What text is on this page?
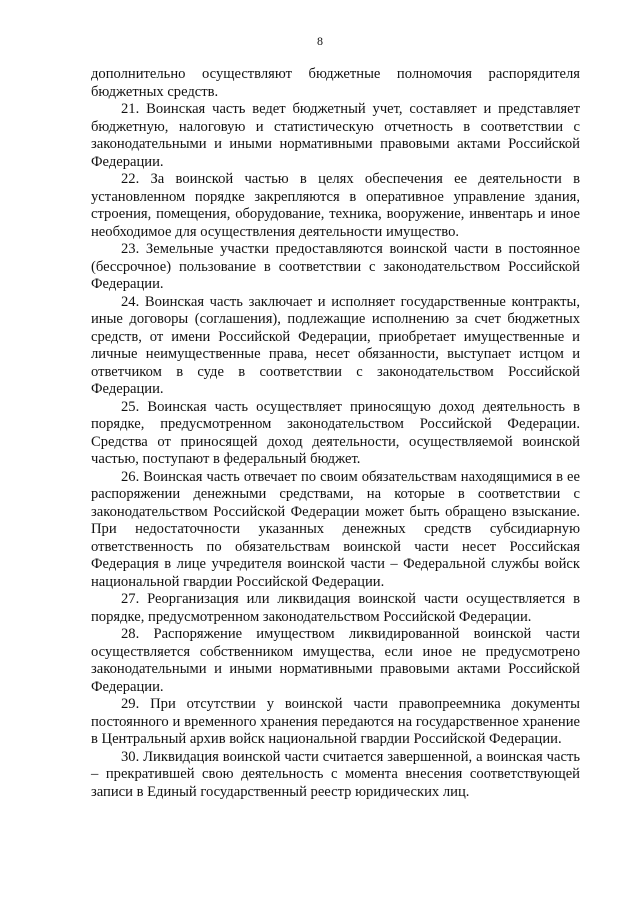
8

дополнительно осуществляют бюджетные полномочия распорядителя бюджетных средств.

21. Воинская часть ведет бюджетный учет, составляет и представляет бюджетную, налоговую и статистическую отчетность в соответствии с законодательными и иными нормативными правовыми актами Российской Федерации.

22. За воинской частью в целях обеспечения ее деятельности в установленном порядке закрепляются в оперативное управление здания, строения, помещения, оборудование, техника, вооружение, инвентарь и иное необходимое для осуществления деятельности имущество.

23. Земельные участки предоставляются воинской части в постоянное (бессрочное) пользование в соответствии с законодательством Российской Федерации.

24. Воинская часть заключает и исполняет государственные контракты, иные договоры (соглашения), подлежащие исполнению за счет бюджетных средств, от имени Российской Федерации, приобретает имущественные и личные неимущественные права, несет обязанности, выступает истцом и ответчиком в суде в соответствии с законодательством Российской Федерации.

25. Воинская часть осуществляет приносящую доход деятельность в порядке, предусмотренном законодательством Российской Федерации. Средства от приносящей доход деятельности, осуществляемой воинской частью, поступают в федеральный бюджет.

26. Воинская часть отвечает по своим обязательствам находящимися в ее распоряжении денежными средствами, на которые в соответствии с законодательством Российской Федерации может быть обращено взыскание. При недостаточности указанных денежных средств субсидиарную ответственность по обязательствам воинской части несет Российская Федерация в лице учредителя воинской части – Федеральной службы войск национальной гвардии Российской Федерации.

27. Реорганизация или ликвидация воинской части осуществляется в порядке, предусмотренном законодательством Российской Федерации.

28. Распоряжение имуществом ликвидированной воинской части осуществляется собственником имущества, если иное не предусмотрено законодательными и иными нормативными правовыми актами Российской Федерации.

29. При отсутствии у воинской части правопреемника документы постоянного и временного хранения передаются на государственное хранение в Центральный архив войск национальной гвардии Российской Федерации.

30. Ликвидация воинской части считается завершенной, а воинская часть – прекратившей свою деятельность с момента внесения соответствующей записи в Единый государственный реестр юридических лиц.
